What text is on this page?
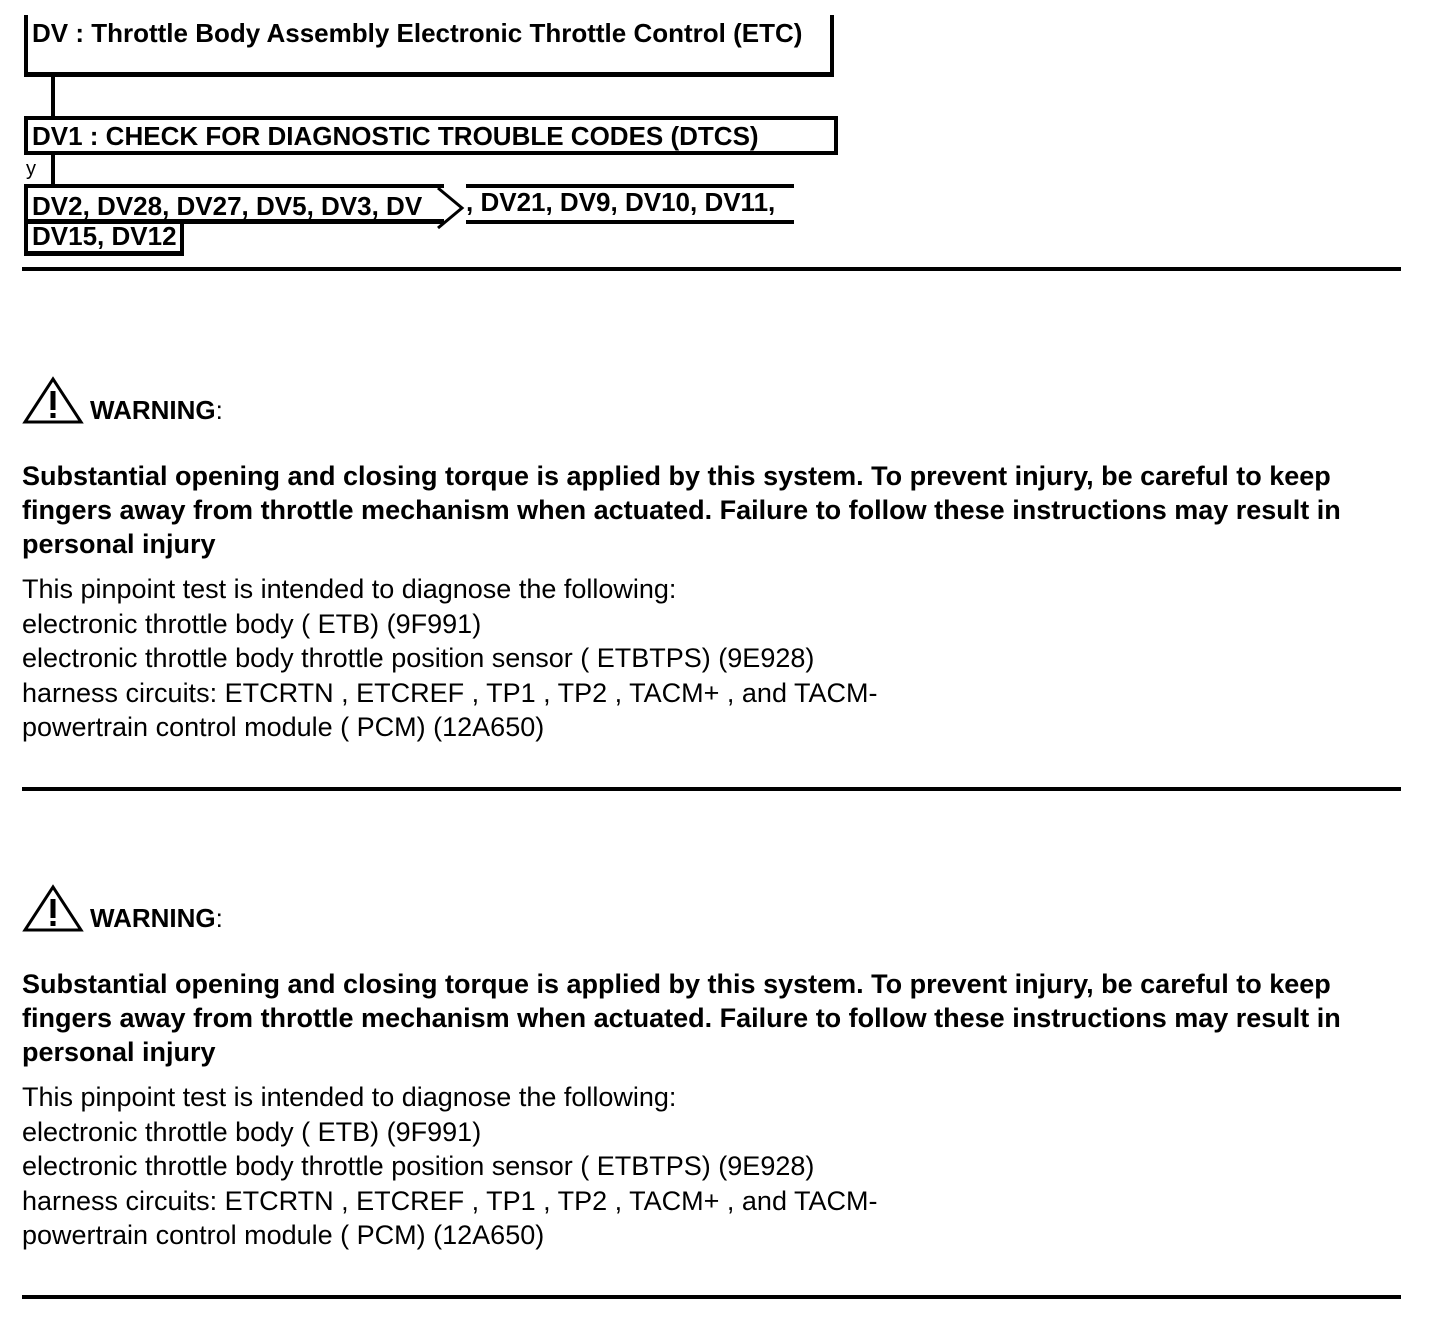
DV : Throttle Body Assembly Electronic Throttle Control (ETC)
DV1 : CHECK FOR DIAGNOSTIC TROUBLE CODES (DTCS)
y
DV2, DV28, DV27, DV5, DV3, DV	, DV21, DV9, DV10, DV11,
DV15, DV12
WARNING:
Substantial opening and closing torque is applied by this system. To prevent injury, be careful to keep fingers away from throttle mechanism when actuated. Failure to follow these instructions may result in personal injury
This pinpoint test is intended to diagnose the following:
electronic throttle body ( ETB) (9F991)
electronic throttle body throttle position sensor ( ETBTPS) (9E928)
harness circuits: ETCRTN , ETCREF , TP1 , TP2 , TACM+ , and TACM-
powertrain control module ( PCM) (12A650)
WARNING:
Substantial opening and closing torque is applied by this system. To prevent injury, be careful to keep fingers away from throttle mechanism when actuated. Failure to follow these instructions may result in personal injury
This pinpoint test is intended to diagnose the following:
electronic throttle body ( ETB) (9F991)
electronic throttle body throttle position sensor ( ETBTPS) (9E928)
harness circuits: ETCRTN , ETCREF , TP1 , TP2 , TACM+ , and TACM-
powertrain control module ( PCM) (12A650)
